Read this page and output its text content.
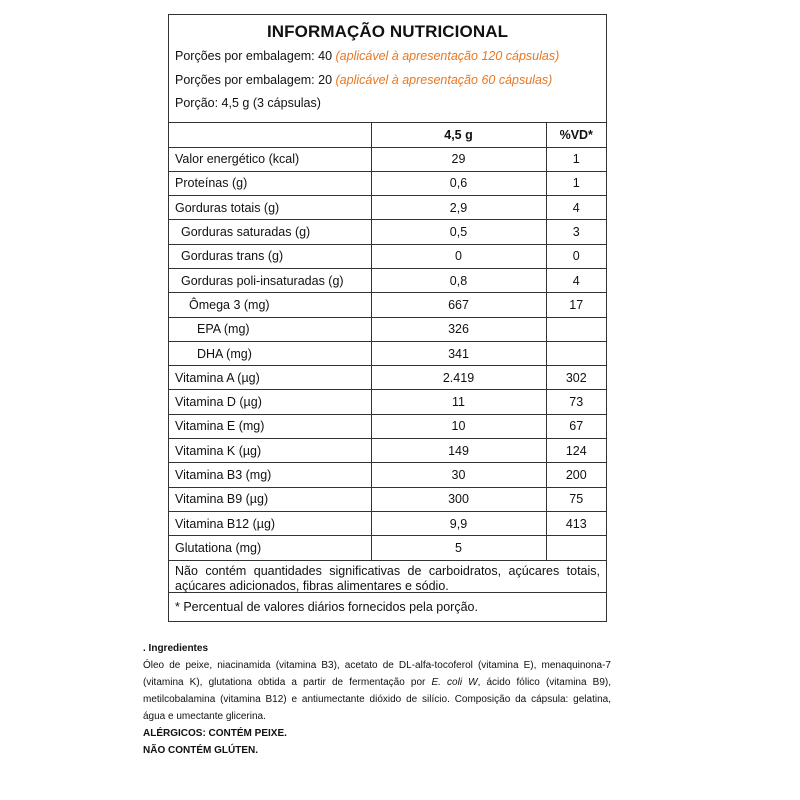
INFORMAÇÃO NUTRICIONAL
Porções por embalagem: 40 (aplicável à apresentação 120 cápsulas)
Porções por embalagem: 20 (aplicável à apresentação 60 cápsulas)
Porção: 4,5 g (3 cápsulas)
	4,5 g	%VD*
Valor energético (kcal)	29	1
Proteínas (g)	0,6	1
Gorduras totais (g)	2,9	4
Gorduras saturadas (g)	0,5	3
Gorduras trans (g)	0	0
Gorduras poli-insaturadas (g)	0,8	4
Ômega 3 (mg)	667	17
EPA (mg)	326	
DHA (mg)	341	
Vitamina A (µg)	2.419	302
Vitamina D (µg)	11	73
Vitamina E (mg)	10	67
Vitamina K (µg)	149	124
Vitamina B3 (mg)	30	200
Vitamina B9 (µg)	300	75
Vitamina B12 (µg)	9,9	413
Glutationa (mg)	5	
Não contém quantidades significativas de carboidratos, açúcares totais, açúcares adicionados, fibras alimentares e sódio.
* Percentual de valores diários fornecidos pela porção.
. Ingredientes
Óleo de peixe, niacinamida (vitamina B3), acetato de DL-alfa-tocoferol (vitamina E), menaquinona-7 (vitamina K), glutationa obtida a partir de fermentação por E. coli W, ácido fólico (vitamina B9), metilcobalamina (vitamina B12) e antiumectante dióxido de silício. Composição da cápsula: gelatina, água e umectante glicerina.
ALÉRGICOS: CONTÉM PEIXE.
NÃO CONTÉM GLÚTEN.
